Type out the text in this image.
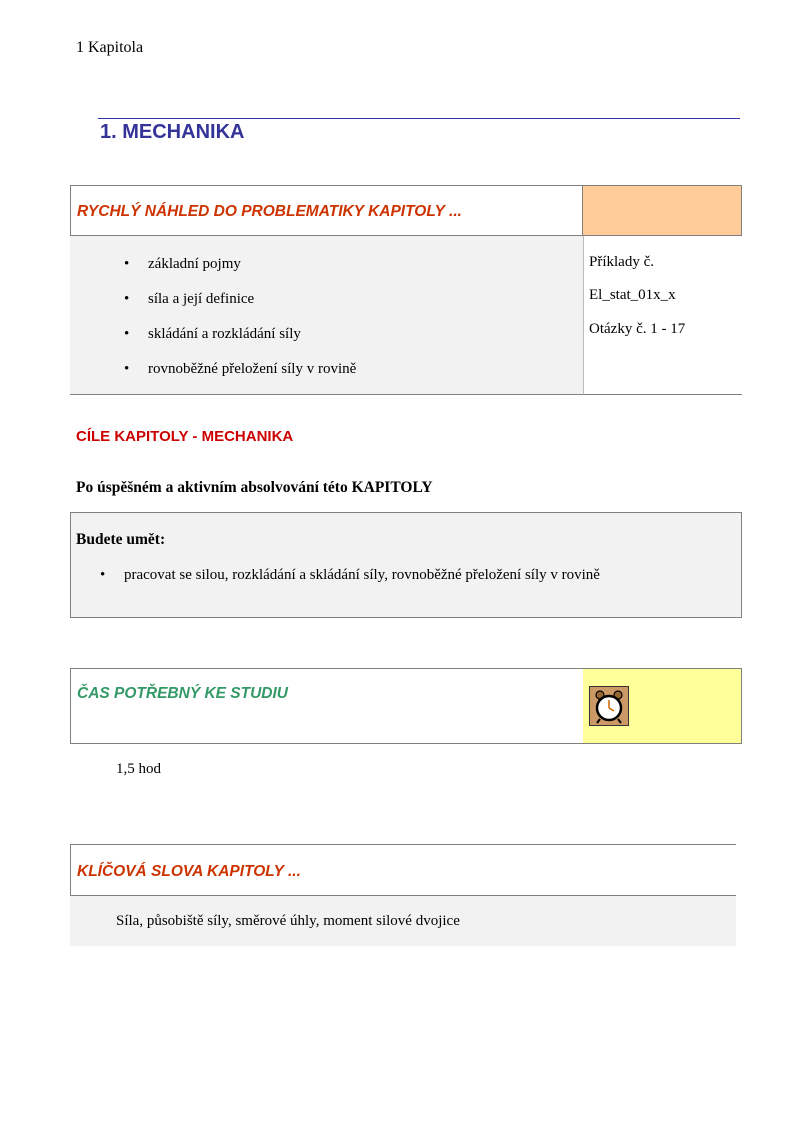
1 Kapitola
1. MECHANIKA
RYCHLÝ NÁHLED DO PROBLEMATIKY KAPITOLY ...
• základní pojmy
• síla a její definice
• skládání a rozkládání síly
• rovnoběžné přeložení síly v rovině
Příklady č.
El_stat_01x_x
Otázky č. 1 - 17
CÍLE KAPITOLY - MECHANIKA
Po úspěšném a aktivním absolvování této KAPITOLY
Budete umět:
• pracovat se silou, rozkládání a skládání síly, rovnoběžné přeložení síly v rovině
ČAS POTŘEBNÝ KE STUDIU
1,5 hod
KLÍČOVÁ SLOVA KAPITOLY ...
Síla, působiště síly, směrové úhly, moment silové dvojice
